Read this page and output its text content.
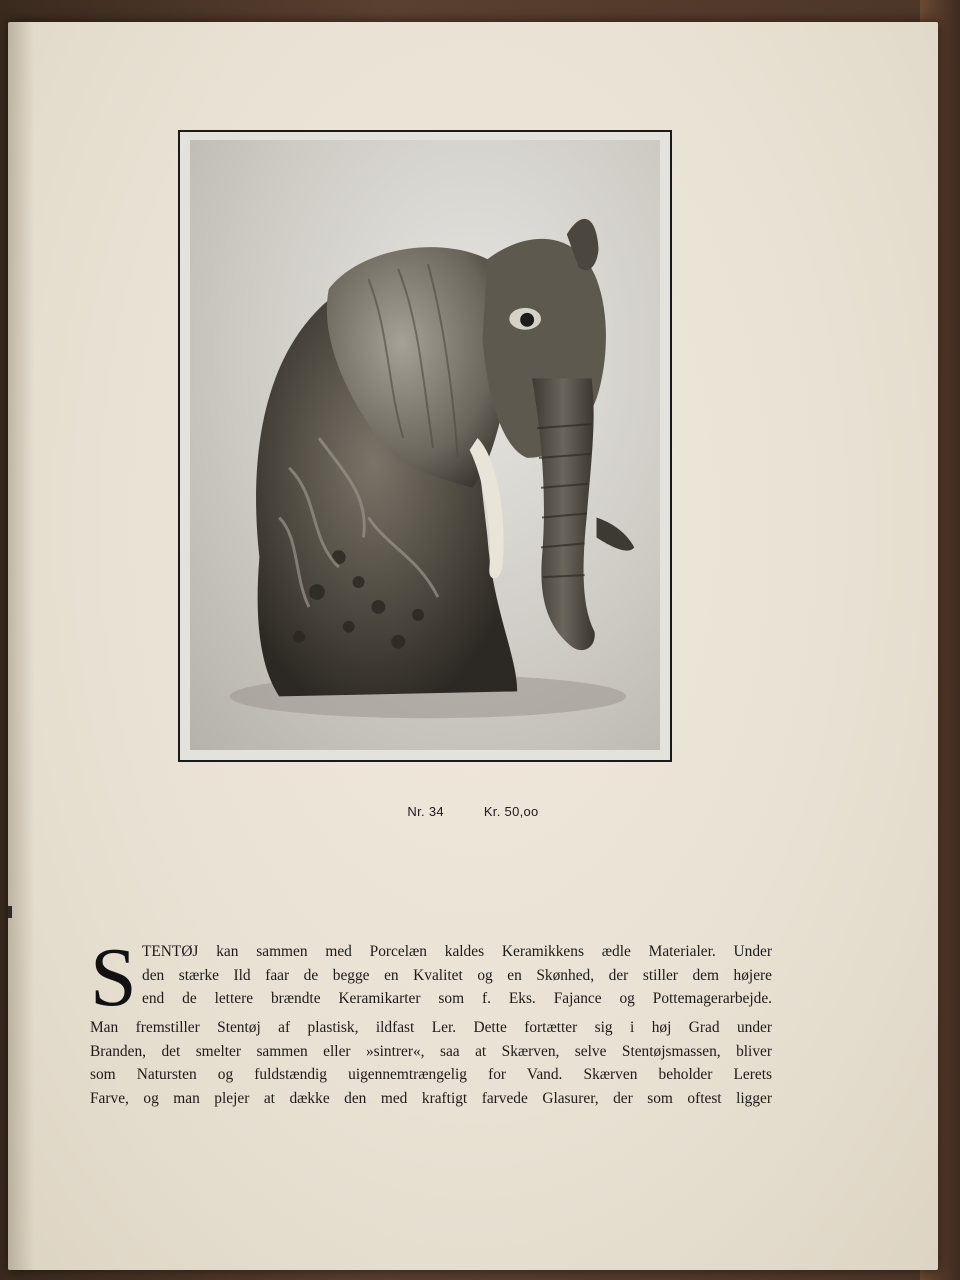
Nr. 34	Kr. 50,oo
S TENTØJ kan sammen med Porcelæn kaldes Keramikkens ædle Materialer. Under
den stærke Ild faar de begge en Kvalitet og en Skønhed, der stiller dem højere
end de lettere brændte Keramikarter som f. Eks. Fajance og Pottemagerarbejde.
Man fremstiller Stentøj af plastisk, ildfast Ler. Dette fortætter sig i høj Grad under
Branden, det smelter sammen eller »sintrer«, saa at Skærven, selve Stentøjsmassen, bliver
som Natursten og fuldstændig uigennemtrængelig for Vand. Skærven beholder Lerets
Farve, og man plejer at dække den med kraftigt farvede Glasurer, der som oftest ligger
